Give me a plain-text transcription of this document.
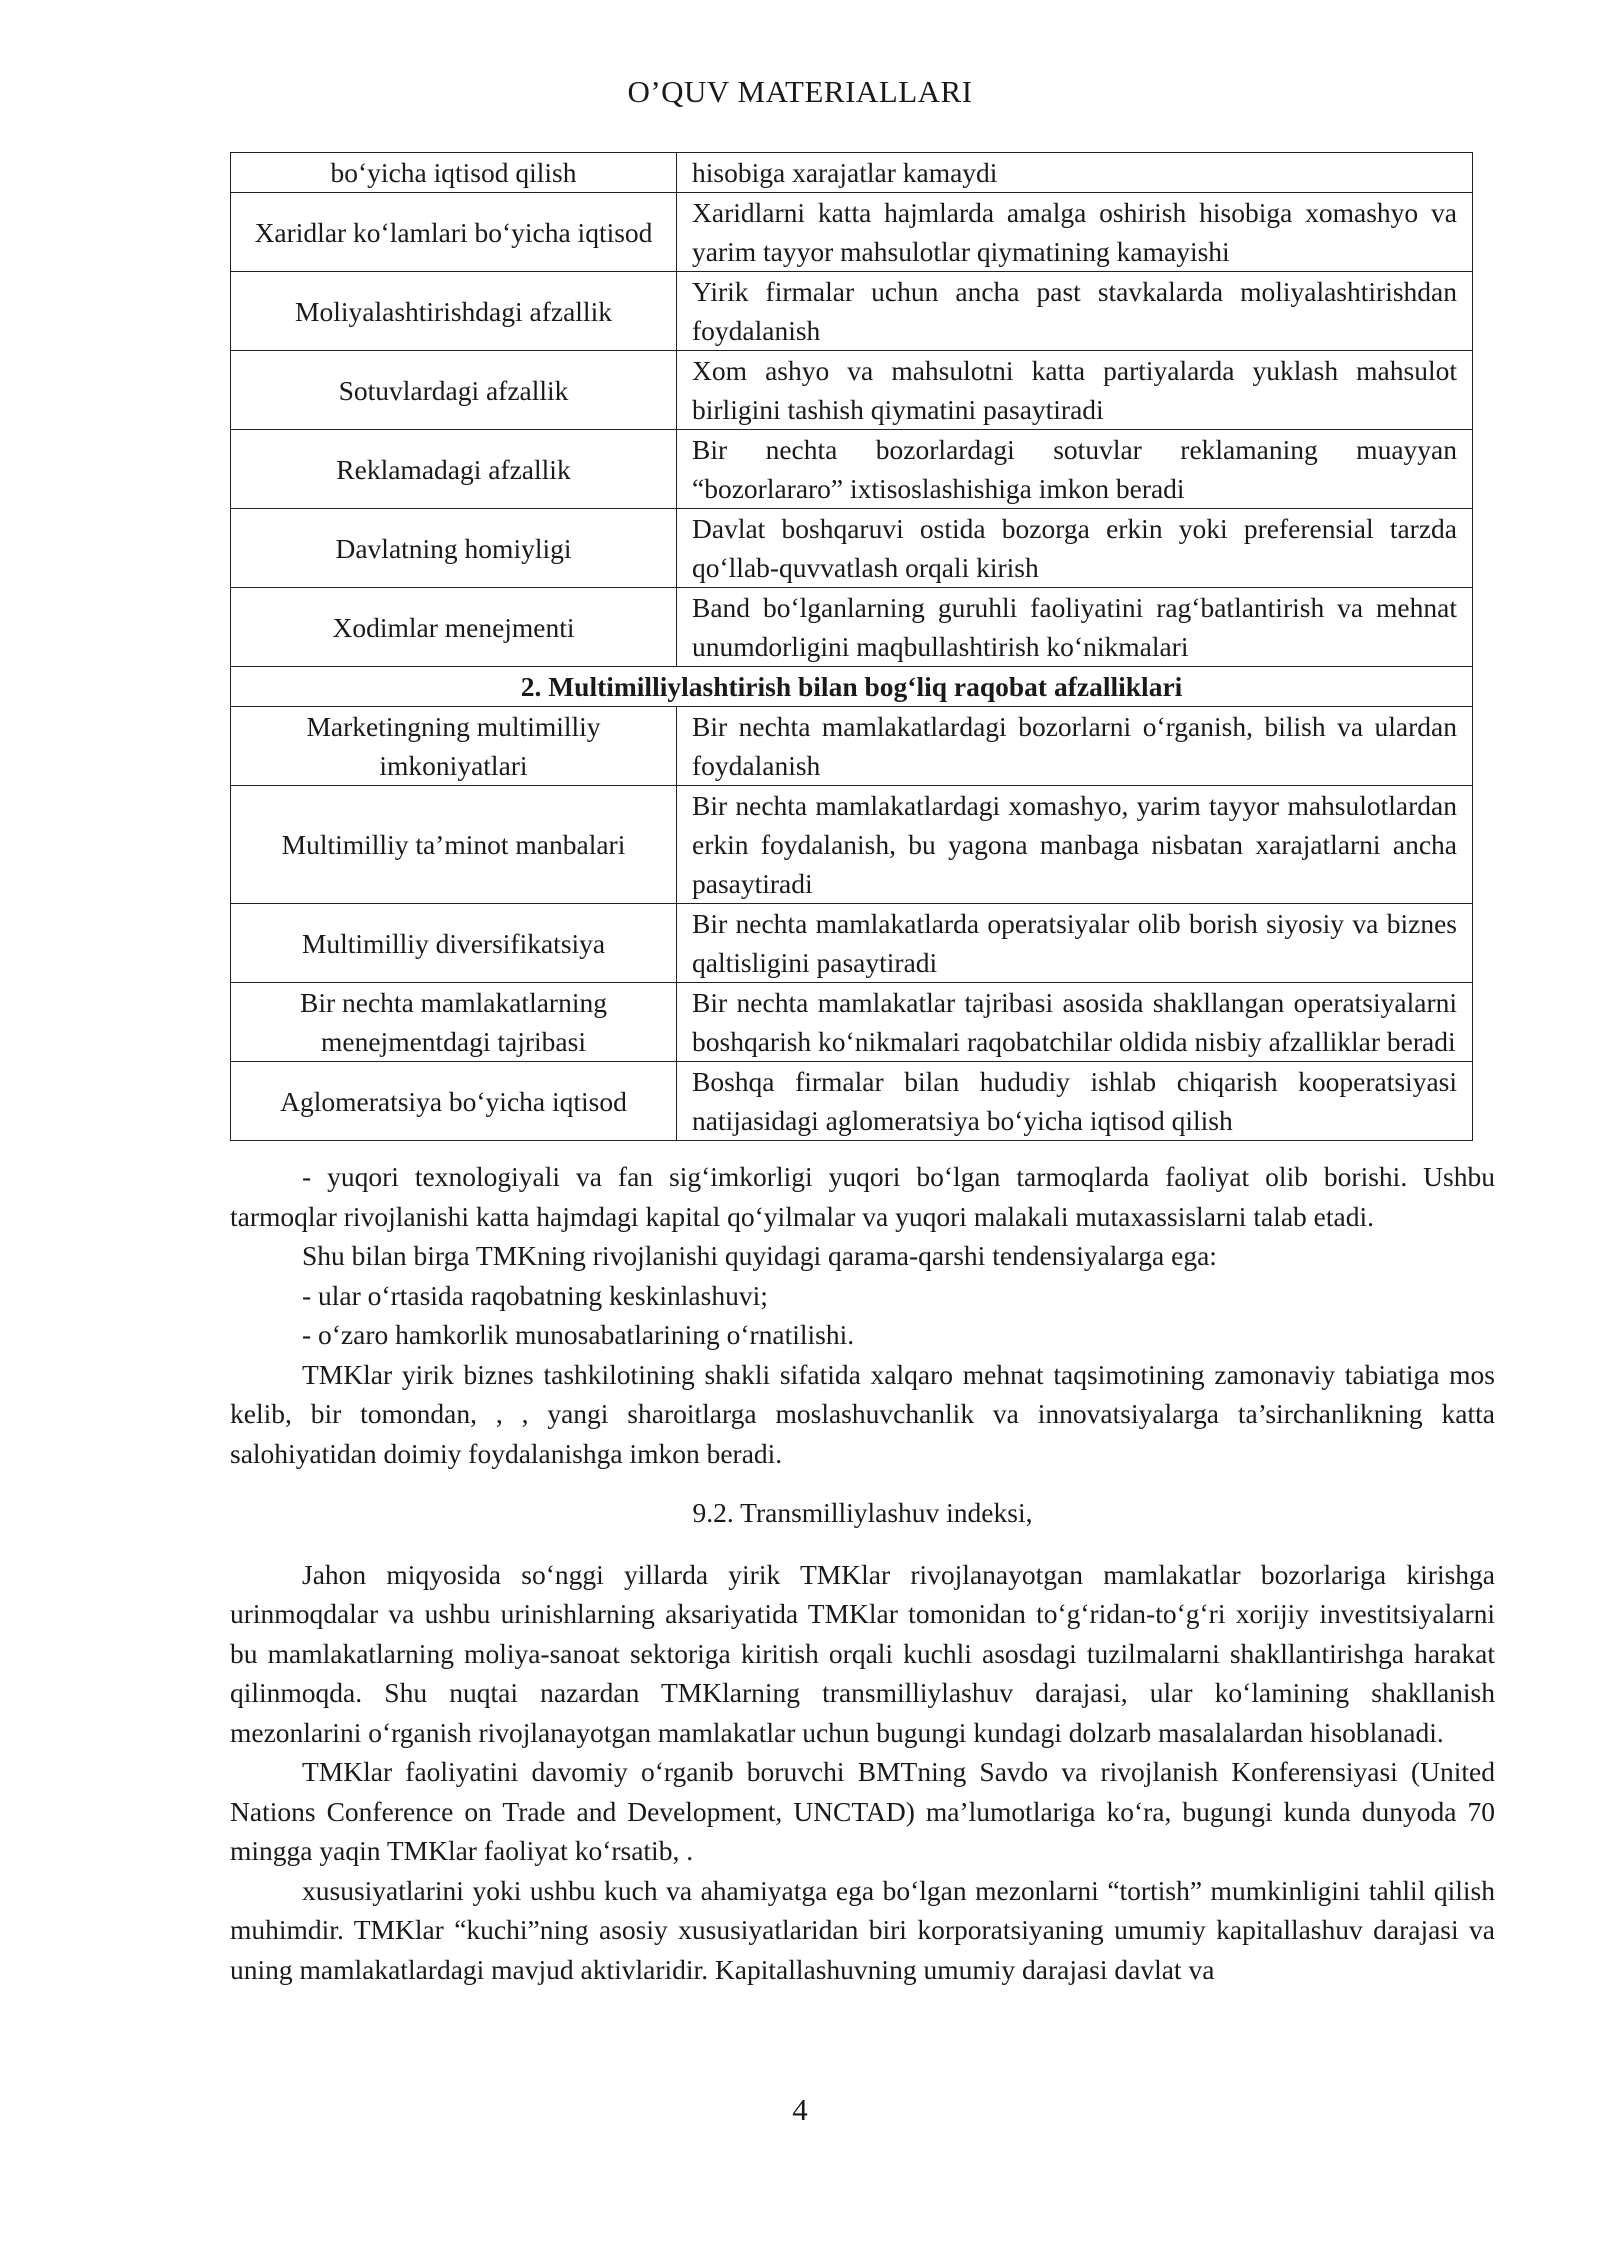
O’QUV MATERIALLARI
bo‘yicha iqtisod qilish	hisobiga xarajatlar kamaydi
Xaridlar ko‘lamlari bo‘yicha iqtisod	Xaridlarni katta hajmlarda amalga oshirish hisobiga xomashyo va yarim tayyor mahsulotlar qiymatining kamayishi
Moliyalashtirishdagi afzallik	Yirik firmalar uchun ancha past stavkalarda moliyalashtirishdan foydalanish
Sotuvlardagi afzallik	Xom ashyo va mahsulotni katta partiyalarda yuklash mahsulot birligini tashish qiymatini pasaytiradi
Reklamadagi afzallik	Bir nechta bozorlardagi sotuvlar reklamaning muayyan “bozorlararo” ixtisoslashishiga imkon beradi
Davlatning homiyligi	Davlat boshqaruvi ostida bozorga erkin yoki preferensial tarzda qo‘llab-quvvatlash orqali kirish
Xodimlar menejmenti	Band bo‘lganlarning guruhli faoliyatini rag‘batlantirish va mehnat unumdorligini maqbullashtirish ko‘nikmalari
2. Multimilliylashtirish bilan bog‘liq raqobat afzalliklari	
Marketingning multimilliy imkoniyatlari	Bir nechta mamlakatlardagi bozorlarni o‘rganish, bilish va ulardan foydalanish
Multimilliy ta’minot manbalari	Bir nechta mamlakatlardagi xomashyo, yarim tayyor mahsulotlardan erkin foydalanish, bu yagona manbaga nisbatan xarajatlarni ancha pasaytiradi
Multimilliy diversifikatsiya	Bir nechta mamlakatlarda operatsiyalar olib borish siyosiy va biznes qaltisligini pasaytiradi
Bir nechta mamlakatlarning menejmentdagi tajribasi	Bir nechta mamlakatlar tajribasi asosida shakllangan operatsiyalarni boshqarish ko‘nikmalari raqobatchilar oldida nisbiy afzalliklar beradi
Aglomeratsiya bo‘yicha iqtisod	Boshqa firmalar bilan hududiy ishlab chiqarish kooperatsiyasi natijasidagi aglomeratsiya bo‘yicha iqtisod qilish

- yuqori texnologiyali va fan sig‘imkorligi yuqori bo‘lgan tarmoqlarda faoliyat olib borishi. Ushbu tarmoqlar rivojlanishi katta hajmdagi kapital qo‘yilmalar va yuqori malakali mutaxassislarni talab etadi.

Shu bilan birga TMKning rivojlanishi quyidagi qarama-qarshi tendensiyalarga ega:

- ular o‘rtasida raqobatning keskinlashuvi;

- o‘zaro hamkorlik munosabatlarining o‘rnatilishi.

TMKlar yirik biznes tashkilotining shakli sifatida xalqaro mehnat taqsimotining zamonaviy tabiatiga mos kelib, bir tomondan, , , yangi sharoitlarga moslashuvchanlik va innovatsiyalarga ta’sirchanlikning katta salohiyatidan doimiy foydalanishga imkon beradi.

9.2. Transmilliylashuv indeksi,

Jahon miqyosida so‘nggi yillarda yirik TMKlar rivojlanayotgan mamlakatlar bozorlariga kirishga urinmoqdalar va ushbu urinishlarning aksariyatida TMKlar tomonidan to‘g‘ridan-to‘g‘ri xorijiy investitsiyalarni bu mamlakatlarning moliya-sanoat sektoriga kiritish orqali kuchli asosdagi tuzilmalarni shakllantirishga harakat qilinmoqda. Shu nuqtai nazardan TMKlarning transmilliylashuv darajasi, ular ko‘lamining shakllanish mezonlarini o‘rganish rivojlanayotgan mamlakatlar uchun bugungi kundagi dolzarb masalalardan hisoblanadi.

TMKlar faoliyatini davomiy o‘rganib boruvchi BMTning Savdo va rivojlanish Konferensiyasi (United Nations Conference on Trade and Development, UNCTAD) ma’lumotlariga ko‘ra, bugungi kunda dunyoda 70 mingga yaqin TMKlar faoliyat ko‘rsatib, .

xususiyatlarini yoki ushbu kuch va ahamiyatga ega bo‘lgan mezonlarni “tortish” mumkinligini tahlil qilish muhimdir. TMKlar “kuchi”ning asosiy xususiyatlaridan biri korporatsiyaning umumiy kapitallashuv darajasi va uning mamlakatlardagi mavjud aktivlaridir. Kapitallashuvning umumiy darajasi davlat va

4
